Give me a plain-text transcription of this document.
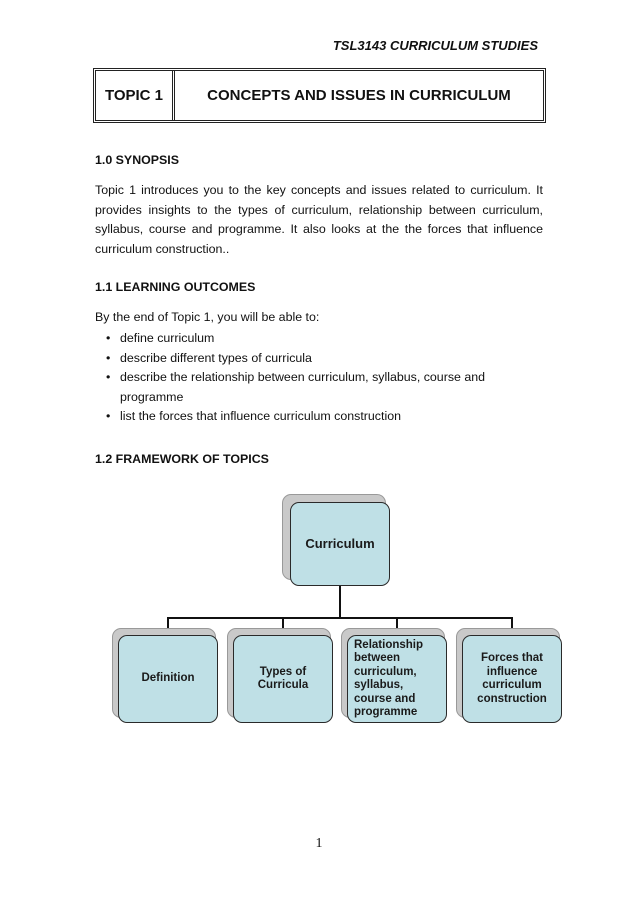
TSL3143 CURRICULUM STUDIES
TOPIC 1	CONCEPTS AND ISSUES IN CURRICULUM
1.0 SYNOPSIS
Topic 1 introduces you to the key concepts and issues related to curriculum. It provides insights to the types of curriculum, relationship between curriculum, syllabus, course and programme. It also looks at the the forces that influence curriculum construction..
1.1 LEARNING OUTCOMES
By the end of Topic 1, you will be able to:
• define curriculum
• describe different types of curricula
• describe the relationship between curriculum, syllabus, course and programme
• list the forces that influence curriculum construction
1.2 FRAMEWORK OF TOPICS
Curriculum
Definition
Types of Curricula
Relationship between curriculum, syllabus, course and programme
Forces that influence curriculum construction
1
